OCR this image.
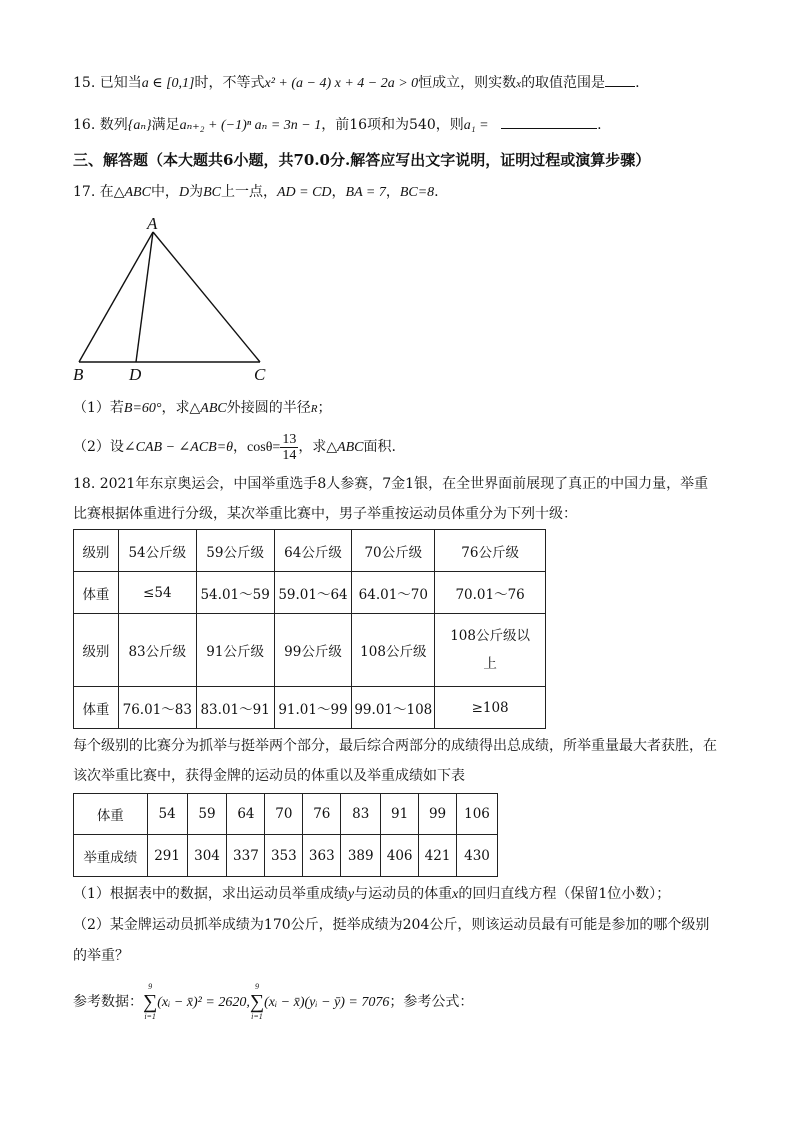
15. 已知当a ∈ [0,1]时，不等式x² + (a − 4) x + 4 − 2a > 0恒成立，则实数x的取值范围是 .
16. 数列{aₙ}满足aₙ₊₂ + (−1)ⁿ aₙ = 3n − 1，前16项和为540，则a₁ =	.
三、解答题（本大题共6小题，共70.0分.解答应写出文字说明，证明过程或演算步骤）
17. 在△ABC中，D为BC上一点，AD = CD，BA = 7，BC=8.
A
B	D	C
（1）若B=60°，求△ABC外接圆的半径R；
（2）设∠CAB − ∠ACB=θ，$\cos\theta= \frac{13}{14}$ ，求△ABC面积.
18. 2021年东京奥运会，中国举重选手8人参赛，7金1银，在全世界面前展现了真正的中国力量，举重
比赛根据体重进行分级，某次举重比赛中，男子举重按运动员体重分为下列十级：
级别	54公斤级	59公斤级	64公斤级	70公斤级	76公斤级
体重	≤54	54.01～59	59.01～64	64.01～70	70.01～76
级别	83公斤级	91公斤级	99公斤级	108公斤级	108公斤级以上
体重	76.01～83	83.01～91	91.01～99	99.01～108	≥108
每个级别的比赛分为抓举与挺举两个部分，最后综合两部分的成绩得出总成绩，所举重量最大者获胜，在
该次举重比赛中，获得金牌的运动员的体重以及举重成绩如下表
体重	54	59	64	70	76	83	91	99	106
举重成绩	291	304	337	353	363	389	406	421	430
（1）根据表中的数据，求出运动员举重成绩y与运动员的体重x的回归直线方程（保留1位小数）；
（2）某金牌运动员抓举成绩为170公斤，挺举成绩为204公斤，则该运动员最有可能是参加的哪个级别
的举重？
参考数据：
9
∑
i=1
(xᵢ − x̄)² = 2620,
9
∑
i=1
(xᵢ − x̄)(yᵢ − ȳ) = 7076；参考公式：
